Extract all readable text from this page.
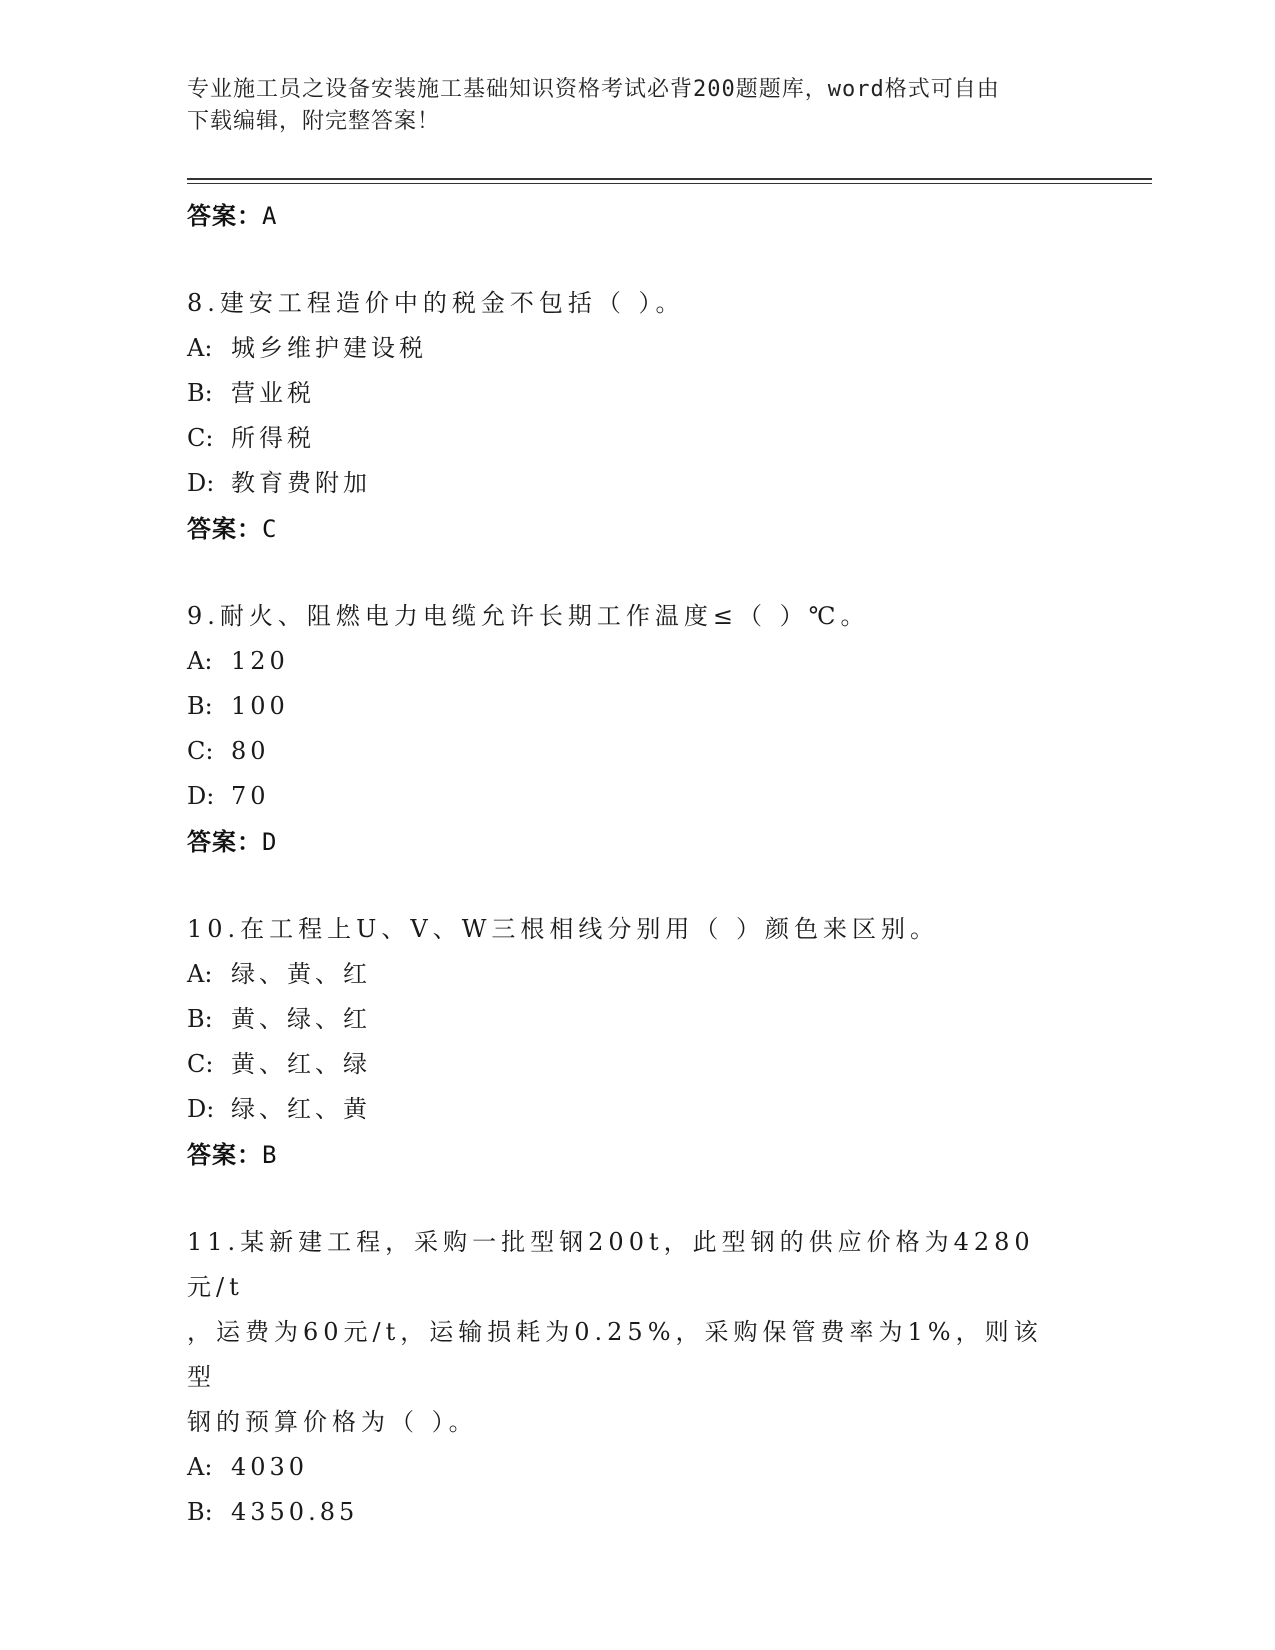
专业施工员之设备安装施工基础知识资格考试必背200题题库，word格式可自由
下载编辑，附完整答案！
答案：A
8.建安工程造价中的税金不包括（ ）。
A: 城乡维护建设税
B: 营业税
C: 所得税
D: 教育费附加
答案：C
9.耐火、阻燃电力电缆允许长期工作温度≤（ ）℃。
A: 120
B: 100
C: 80
D: 70
答案：D
10.在工程上U、V、W三根相线分别用（ ）颜色来区别。
A: 绿、黄、红
B: 黄、绿、红
C: 黄、红、绿
D: 绿、红、黄
答案：B
11.某新建工程，采购一批型钢200t，此型钢的供应价格为4280元/t
，运费为60元/t，运输损耗为0.25%，采购保管费率为1%，则该型
钢的预算价格为（ ）。
A: 4030
B: 4350.85
